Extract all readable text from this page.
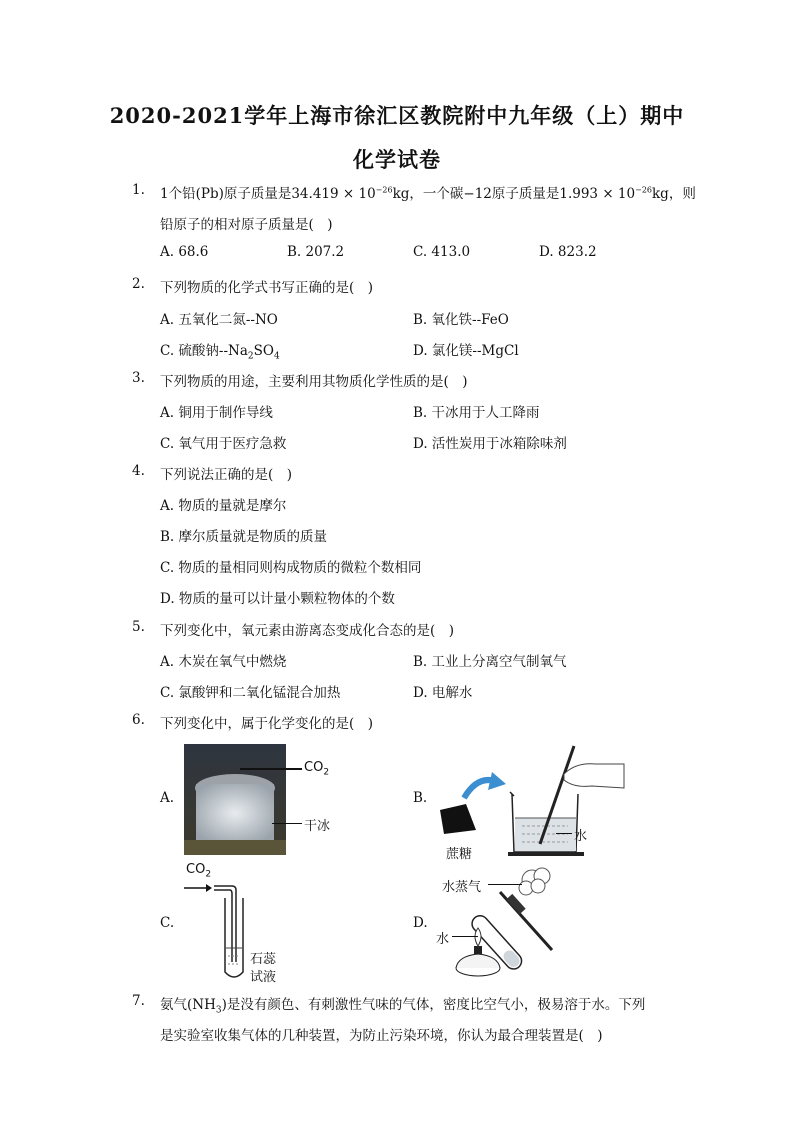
2020-2021学年上海市徐汇区教院附中九年级（上）期中
化学试卷
1. 1个铅(Pb)原子质量是$34.419 \times 10^{-26}kg$，一个碳−12原子质量是$1.993 \times 10^{-26}kg$，则
铅原子的相对原子质量是(　)
A. 68.6	B. 207.2	C. 413.0	D. 823.2
2. 下列物质的化学式书写正确的是(　)
A. 五氧化二氮--NO	B. 氧化铁--FeO
C. 硫酸钠$--Na_2SO_4$	D. 氯化镁--MgCl
3. 下列物质的用途，主要利用其物质化学性质的是(　)
A. 铜用于制作导线	B. 干冰用于人工降雨
C. 氧气用于医疗急救	D. 活性炭用于冰箱除味剂
4. 下列说法正确的是(　)
A. 物质的量就是摩尔
B. 摩尔质量就是物质的质量
C. 物质的量相同则构成物质的微粒个数相同
D. 物质的量可以计量小颗粒物体的个数
5. 下列变化中，氧元素由游离态变成化合态的是(　)
A. 木炭在氧气中燃烧	B. 工业上分离空气制氧气
C. 氯酸钾和二氧化锰混合加热	D. 电解水
6. 下列变化中，属于化学变化的是(　)
A.	B.
C.	D.
$CO_2$
干冰
水
蔗糖
$CO_2$
石蕊
试液
水蒸气
水
7. 氨气$(NH_3)$是没有颜色、有刺激性气味的气体，密度比空气小，极易溶于水。下列
是实验室收集气体的几种装置，为防止污染环境，你认为最合理装置是(　)
